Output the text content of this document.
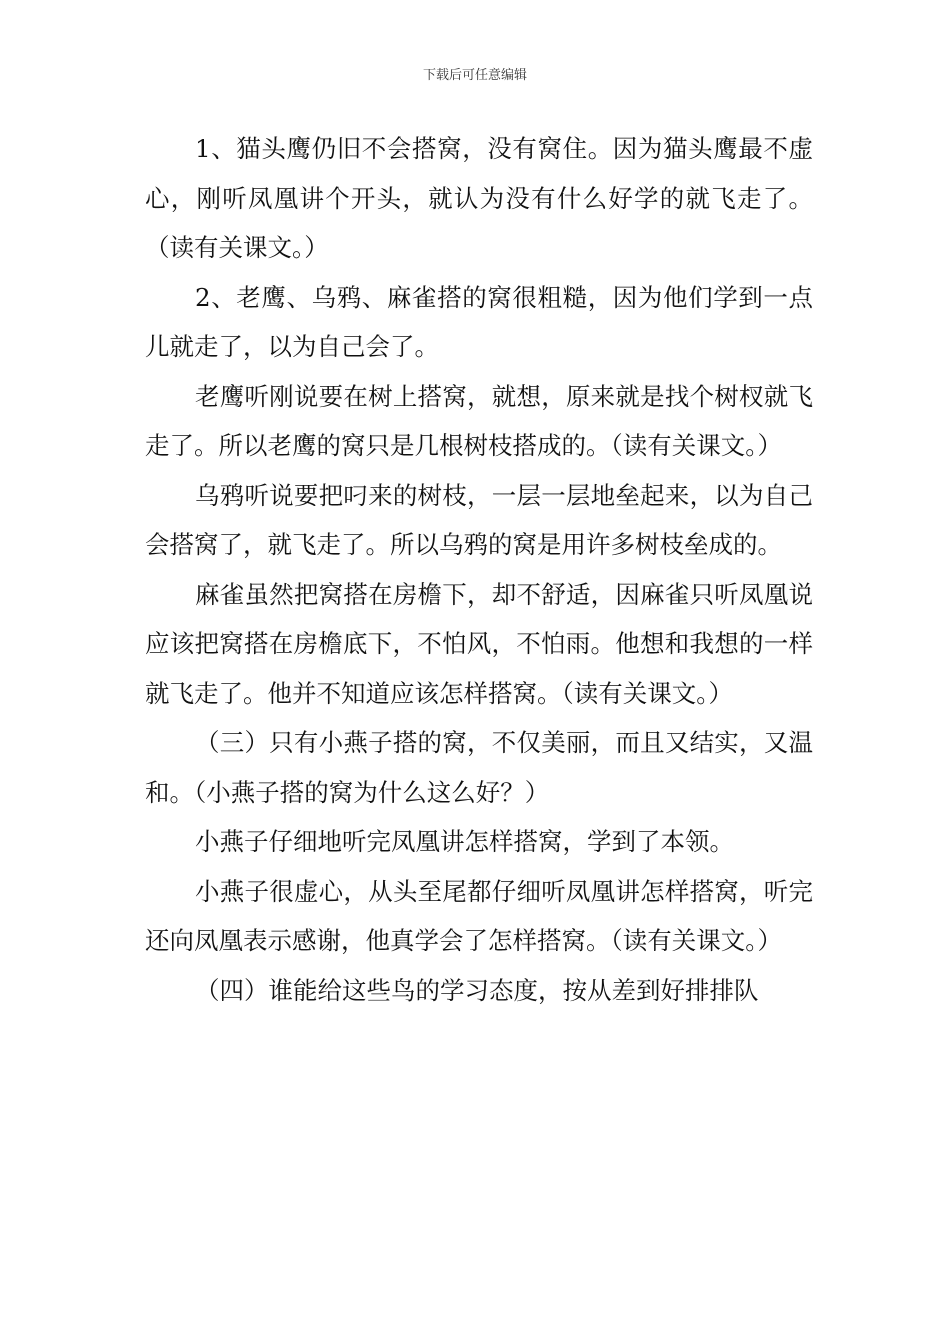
下载后可任意编辑

1、猫头鹰仍旧不会搭窝，没有窝住。因为猫头鹰最不虚心，刚听凤凰讲个开头，就认为没有什么好学的就飞走了。（读有关课文。）

2、老鹰、乌鸦、麻雀搭的窝很粗糙，因为他们学到一点儿就走了，以为自己会了。

老鹰听刚说要在树上搭窝，就想，原来就是找个树杈就飞走了。所以老鹰的窝只是几根树枝搭成的。（读有关课文。）

乌鸦听说要把叼来的树枝，一层一层地垒起来，以为自己会搭窝了，就飞走了。所以乌鸦的窝是用许多树枝垒成的。

麻雀虽然把窝搭在房檐下，却不舒适，因麻雀只听凤凰说应该把窝搭在房檐底下，不怕风，不怕雨。他想和我想的一样就飞走了。他并不知道应该怎样搭窝。（读有关课文。）

（三）只有小燕子搭的窝，不仅美丽，而且又结实，又温和。（小燕子搭的窝为什么这么好？）

小燕子仔细地听完凤凰讲怎样搭窝，学到了本领。

小燕子很虚心，从头至尾都仔细听凤凰讲怎样搭窝，听完还向凤凰表示感谢，他真学会了怎样搭窝。（读有关课文。）

（四）谁能给这些鸟的学习态度，按从差到好排排队
